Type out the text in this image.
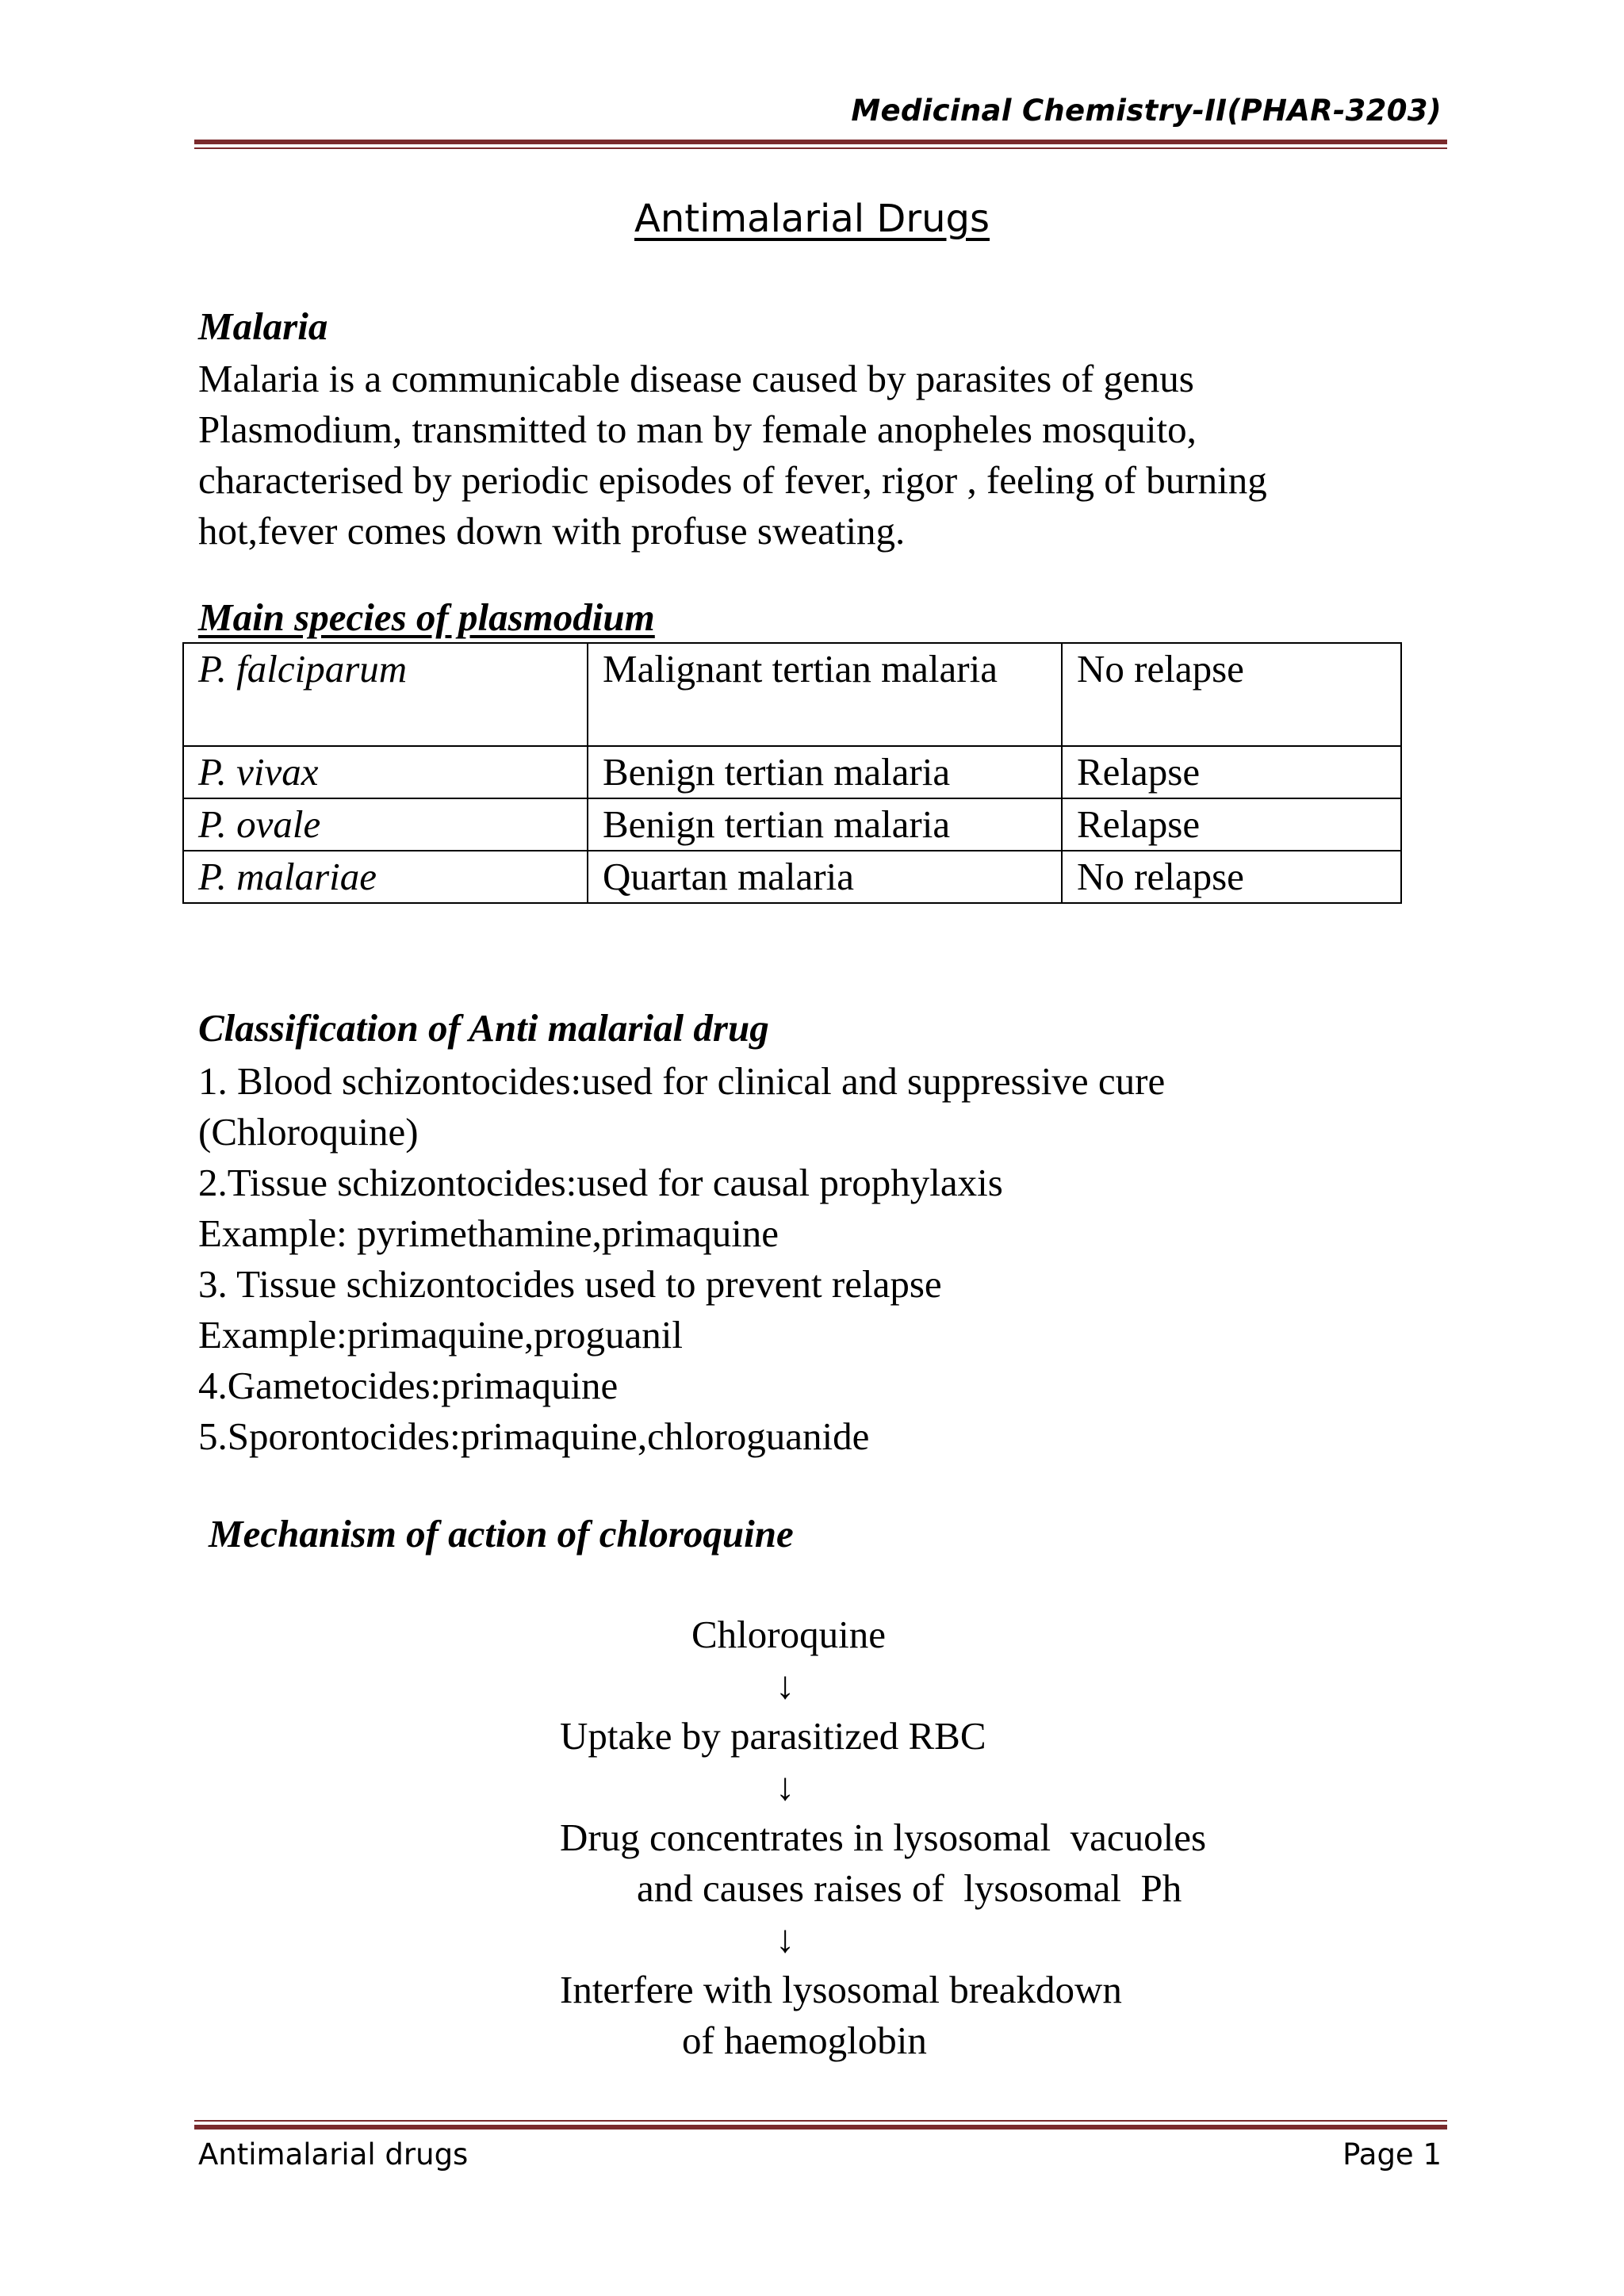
Medicinal Chemistry-II(PHAR-3203)
Antimalarial Drugs
Malaria

Malaria is a communicable disease caused by parasites of genus

Plasmodium, transmitted to man by female anopheles mosquito,

characterised by periodic episodes of fever, rigor , feeling of burning

hot,fever comes down with profuse sweating.

Main species of plasmodium
P. falciparum	Malignant tertian malaria	No relapse
P. vivax	Benign tertian malaria	Relapse
P. ovale	Benign tertian malaria	Relapse
P. malariae	Quartan malaria	No relapse
Classification of Anti malarial drug

1. Blood schizontocides:used for clinical and suppressive cure

(Chloroquine)

2.Tissue schizontocides:used for causal prophylaxis

Example: pyrimethamine,primaquine

3. Tissue schizontocides used to prevent relapse

Example:primaquine,proguanil

4.Gametocides:primaquine

5.Sporontocides:primaquine,chloroguanide

Mechanism of action of chloroquine
Chloroquine
↓
Uptake by parasitized RBC
↓
Drug concentrates in lysosomal  vacuoles
and causes raises of  lysosomal  Ph
↓
Interfere with lysosomal breakdown
of haemoglobin
Antimalarial drugs	Page 1
